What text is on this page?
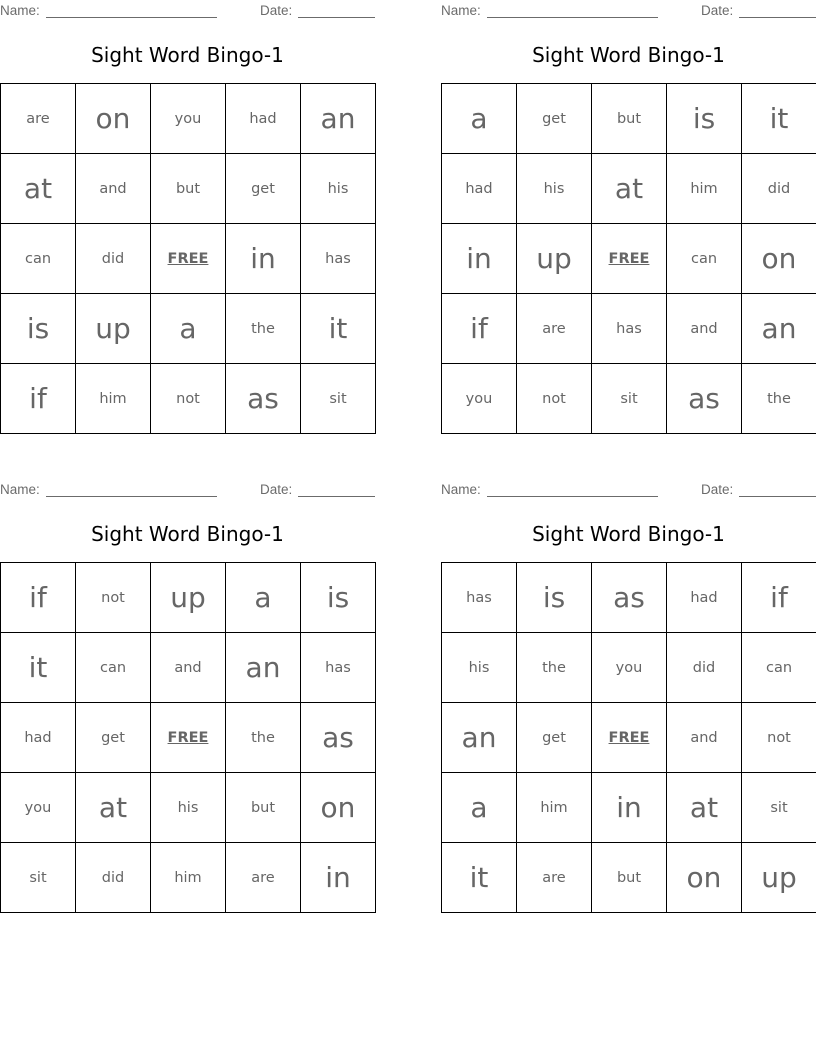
Name:	Date:
Sight Word Bingo-1
are	on	you	had	an
at	and	but	get	his
can	did	FREE	in	has
is	up	a	the	it
if	him	not	as	sit
Name:	Date:
Sight Word Bingo-1
a	get	but	is	it
had	his	at	him	did
in	up	FREE	can	on
if	are	has	and	an
you	not	sit	as	the
Name:	Date:
Sight Word Bingo-1
if	not	up	a	is
it	can	and	an	has
had	get	FREE	the	as
you	at	his	but	on
sit	did	him	are	in
Name:	Date:
Sight Word Bingo-1
has	is	as	had	if
his	the	you	did	can
an	get	FREE	and	not
a	him	in	at	sit
it	are	but	on	up
